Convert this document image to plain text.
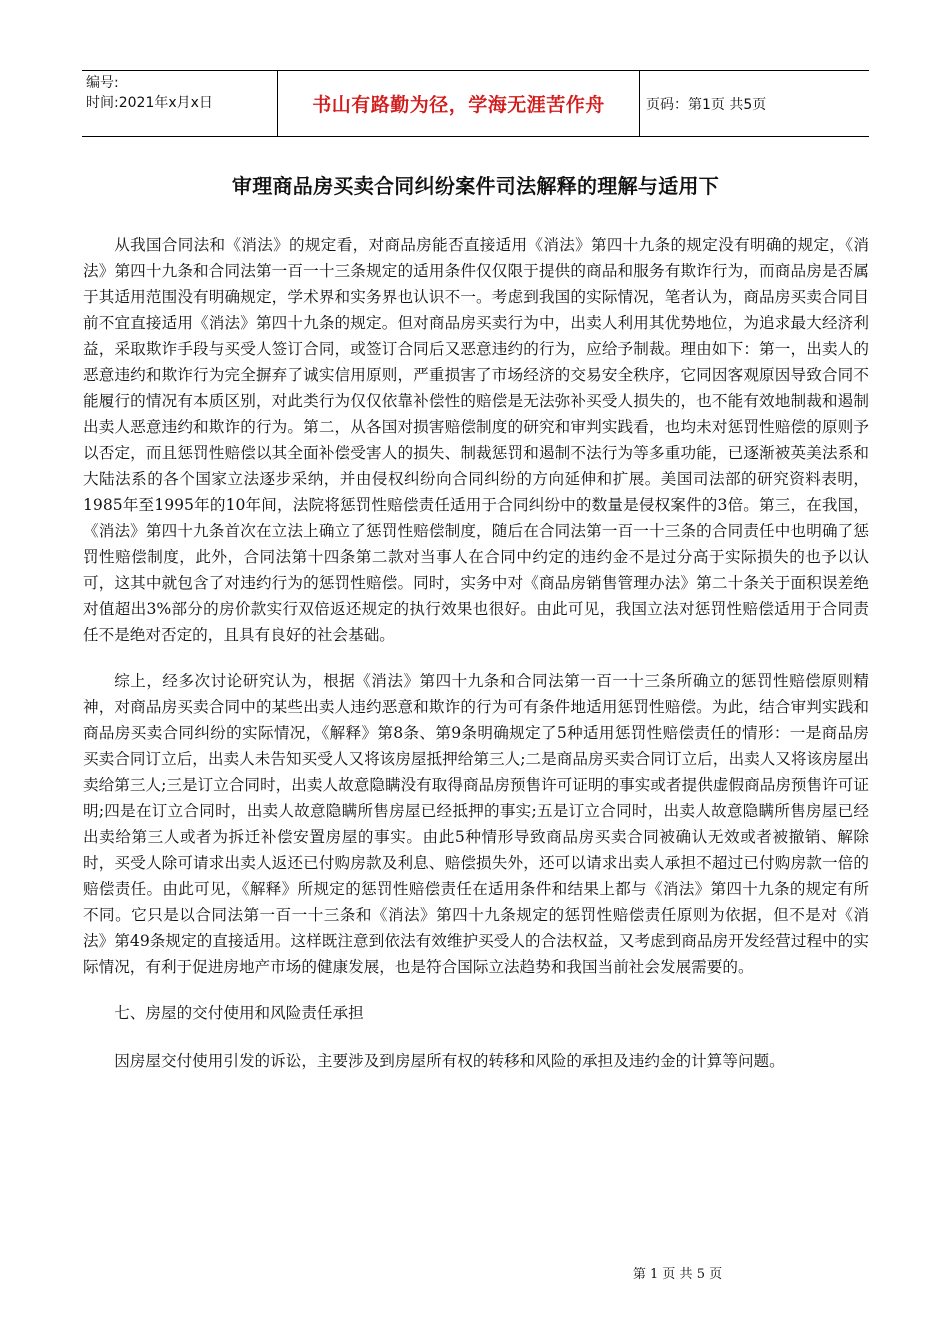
编号:
时间:2021年x月x日	书山有路勤为径，学海无涯苦作舟	页码：第1页 共5页
审理商品房买卖合同纠纷案件司法解释的理解与适用下

从我国合同法和《消法》的规定看，对商品房能否直接适用《消法》第四十九条的规定没有明确的规定，《消法》第四十九条和合同法第一百一十三条规定的适用条件仅仅限于提供的商品和服务有欺诈行为，而商品房是否属于其适用范围没有明确规定，学术界和实务界也认识不一。考虑到我国的实际情况，笔者认为，商品房买卖合同目前不宜直接适用《消法》第四十九条的规定。但对商品房买卖行为中，出卖人利用其优势地位，为追求最大经济利益，采取欺诈手段与买受人签订合同，或签订合同后又恶意违约的行为，应给予制裁。理由如下：第一，出卖人的恶意违约和欺诈行为完全摒弃了诚实信用原则，严重损害了市场经济的交易安全秩序，它同因客观原因导致合同不能履行的情况有本质区别，对此类行为仅仅依靠补偿性的赔偿是无法弥补买受人损失的，也不能有效地制裁和遏制出卖人恶意违约和欺诈的行为。第二，从各国对损害赔偿制度的研究和审判实践看，也均未对惩罚性赔偿的原则予以否定，而且惩罚性赔偿以其全面补偿受害人的损失、制裁惩罚和遏制不法行为等多重功能，已逐渐被英美法系和大陆法系的各个国家立法逐步采纳，并由侵权纠纷向合同纠纷的方向延伸和扩展。美国司法部的研究资料表明， 1985年至1995年的10年间，法院将惩罚性赔偿责任适用于合同纠纷中的数量是侵权案件的3倍。第三，在我国，《消法》第四十九条首次在立法上确立了惩罚性赔偿制度，随后在合同法第一百一十三条的合同责任中也明确了惩罚性赔偿制度，此外，合同法第十四条第二款对当事人在合同中约定的违约金不是过分高于实际损失的也予以认可，这其中就包含了对违约行为的惩罚性赔偿。同时，实务中对《商品房销售管理办法》第二十条关于面积误差绝对值超出3%部分的房价款实行双倍返还规定的执行效果也很好。由此可见，我国立法对惩罚性赔偿适用于合同责任不是绝对否定的，且具有良好的社会基础。

综上，经多次讨论研究认为，根据《消法》第四十九条和合同法第一百一十三条所确立的惩罚性赔偿原则精神，对商品房买卖合同中的某些出卖人违约恶意和欺诈的行为可有条件地适用惩罚性赔偿。为此，结合审判实践和商品房买卖合同纠纷的实际情况，《解释》第8条、第9条明确规定了5种适用惩罚性赔偿责任的情形：一是商品房买卖合同订立后，出卖人未告知买受人又将该房屋抵押给第三人;二是商品房买卖合同订立后，出卖人又将该房屋出卖给第三人;三是订立合同时，出卖人故意隐瞒没有取得商品房预售许可证明的事实或者提供虚假商品房预售许可证明;四是在订立合同时，出卖人故意隐瞒所售房屋已经抵押的事实;五是订立合同时，出卖人故意隐瞒所售房屋已经出卖给第三人或者为拆迁补偿安置房屋的事实。由此5种情形导致商品房买卖合同被确认无效或者被撤销、解除时，买受人除可请求出卖人返还已付购房款及利息、赔偿损失外，还可以请求出卖人承担不超过已付购房款一倍的赔偿责任。由此可见，《解释》所规定的惩罚性赔偿责任在适用条件和结果上都与《消法》第四十九条的规定有所不同。它只是以合同法第一百一十三条和《消法》第四十九条规定的惩罚性赔偿责任原则为依据，但不是对《消法》第49条规定的直接适用。这样既注意到依法有效维护买受人的合法权益，又考虑到商品房开发经营过程中的实际情况，有利于促进房地产市场的健康发展，也是符合国际立法趋势和我国当前社会发展需要的。

七、房屋的交付使用和风险责任承担

因房屋交付使用引发的诉讼，主要涉及到房屋所有权的转移和风险的承担及违约金的计算等问题。

第 1 页 共 5 页
